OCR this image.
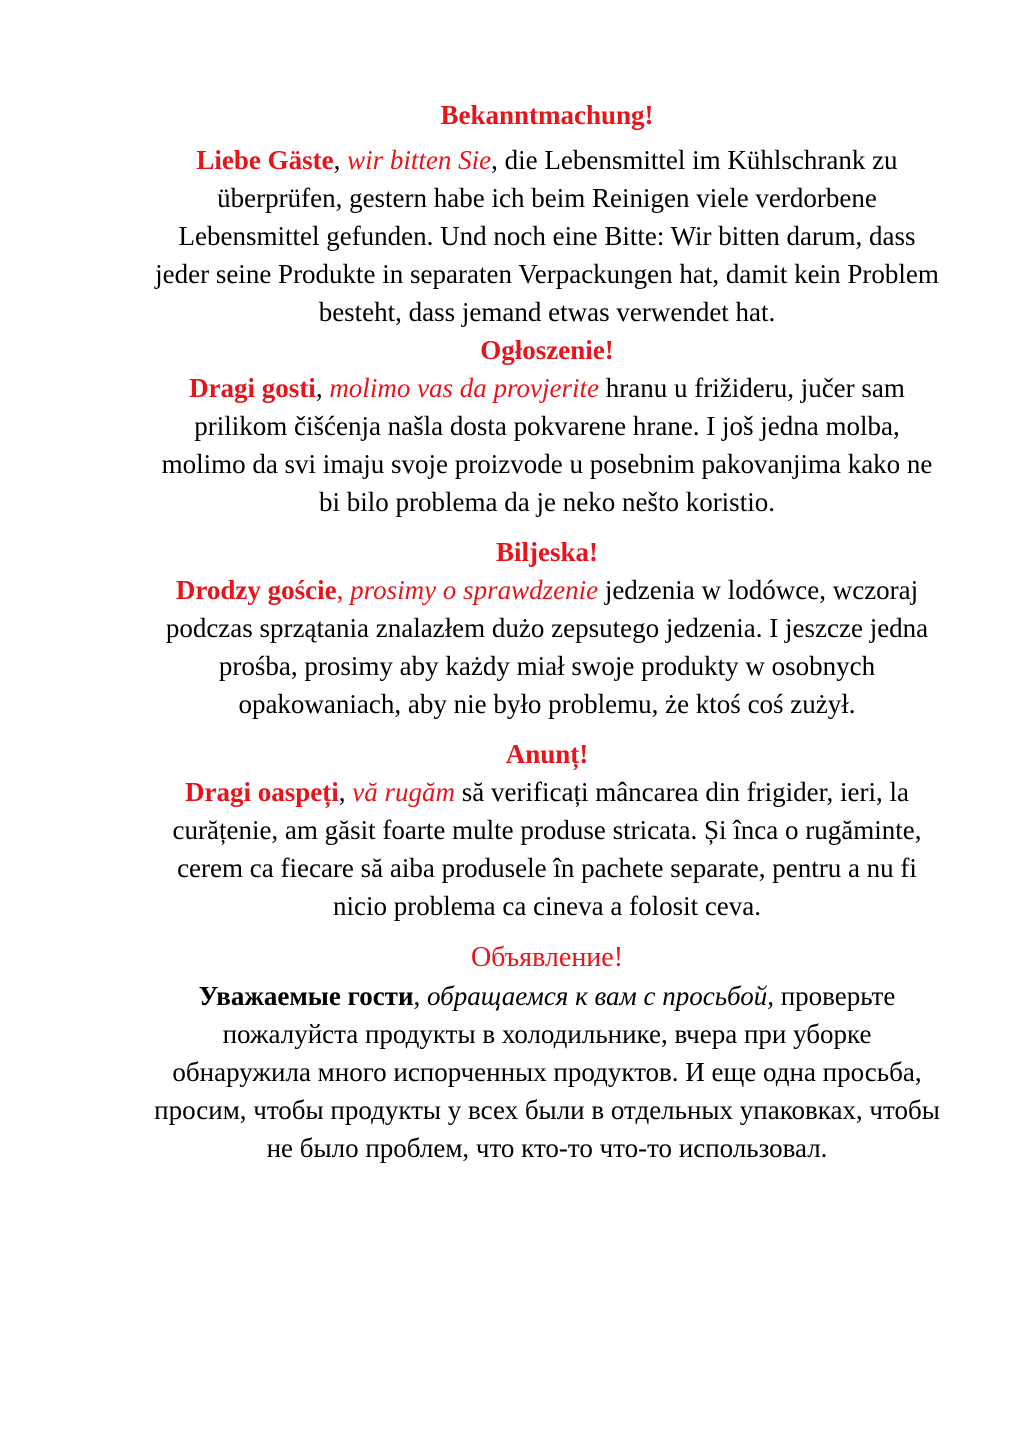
Bekanntmachung!

Liebe Gäste, wir bitten Sie, die Lebensmittel im Kühlschrank zu überprüfen, gestern habe ich beim Reinigen viele verdorbene Lebensmittel gefunden. Und noch eine Bitte: Wir bitten darum, dass jeder seine Produkte in separaten Verpackungen hat, damit kein Problem besteht, dass jemand etwas verwendet hat.

Ogłoszenie!

Dragi gosti, molimo vas da provjerite hranu u frižideru, jučer sam prilikom čišćenja našla dosta pokvarene hrane. I još jedna molba, molimo da svi imaju svoje proizvode u posebnim pakovanjima kako ne bi bilo problema da je neko nešto koristio.

Biljeska!

Drodzy goście, prosimy o sprawdzenie jedzenia w lodówce, wczoraj podczas sprzątania znalazłem dużo zepsutego jedzenia. I jeszcze jedna prośba, prosimy aby każdy miał swoje produkty w osobnych opakowaniach, aby nie było problemu, że ktoś coś zużył.

Anunț!

Dragi oaspeți, vă rugăm să verificați mâncarea din frigider, ieri, la curățenie, am găsit foarte multe produse stricata. Și înca o rugăminte, cerem ca fiecare să aiba produsele în pachete separate, pentru a nu fi nicio problema ca cineva a folosit ceva.

Объявление!

Уважаемые гости, обращаемся к вам с просьбой, проверьте пожалуйста продукты в холодильнике, вчера при уборке обнаружила много испорченных продуктов. И еще одна просьба, просим, чтобы продукты у всех были в отдельных упаковках, чтобы не было проблем, что кто-то что-то использовал.
